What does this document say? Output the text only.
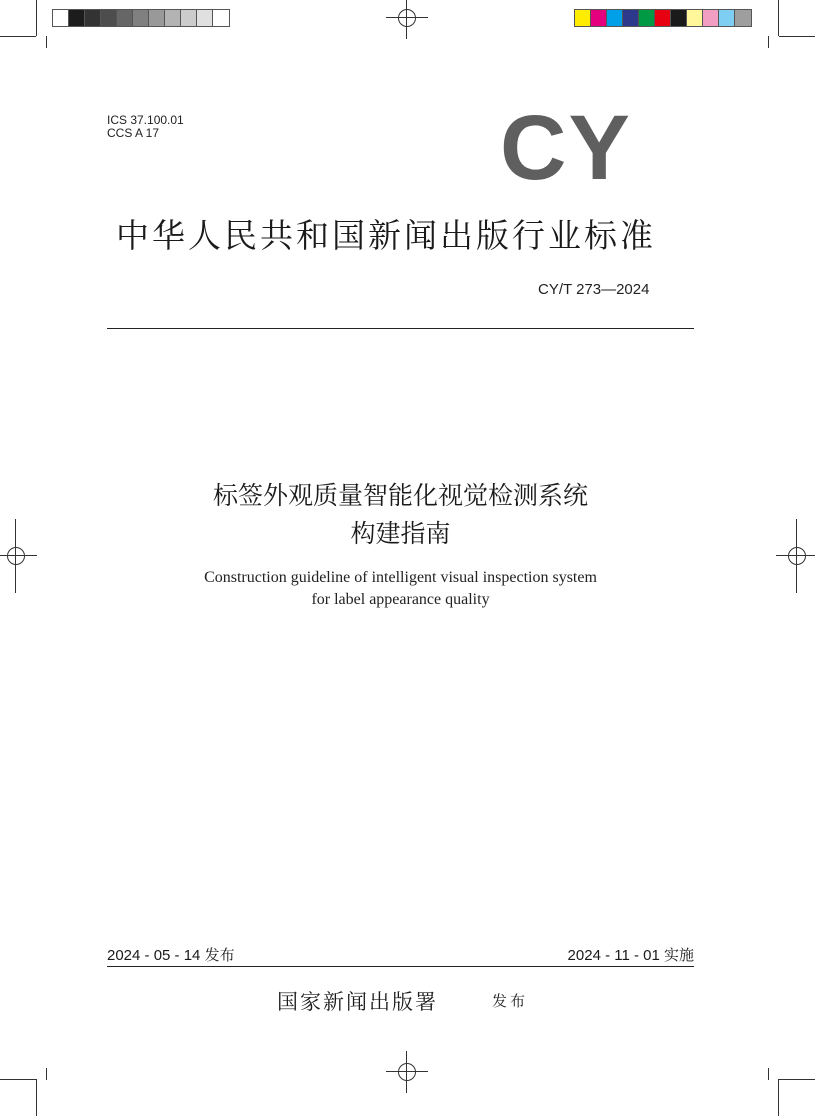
ICS 37.100.01
CCS A 17	CY
中华人民共和国新闻出版行业标准
CY/T 273—2024
标签外观质量智能化视觉检测系统
构建指南
Construction guideline of intelligent visual inspection system
for label appearance quality
2024 - 05 - 14 发布	2024 - 11 - 01 实施
国家新闻出版署	发布
